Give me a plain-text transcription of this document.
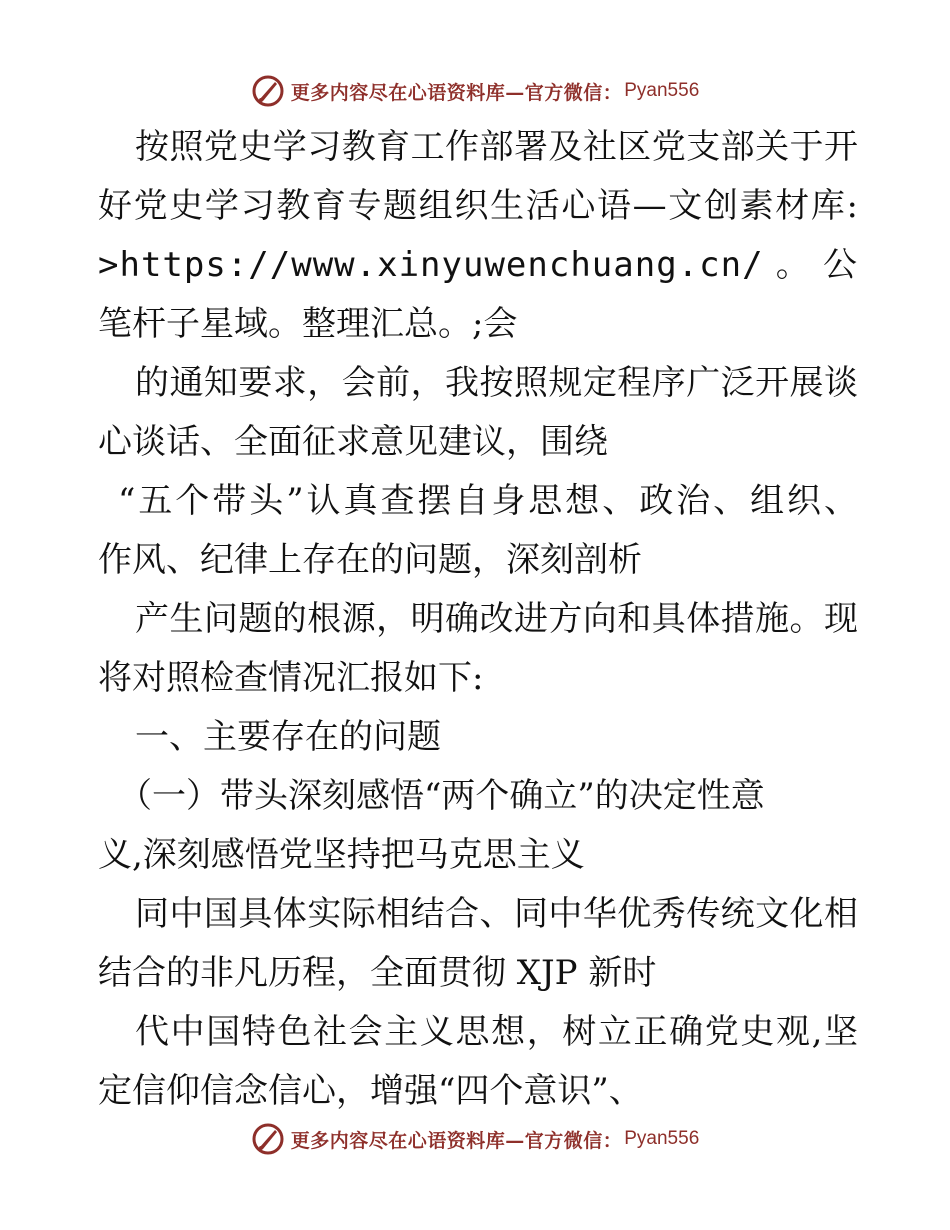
更多内容尽在心语资料库—官方微信： Pyan556
按照党史学习教育工作部署及社区党支部关于开
好党史学习教育专题组织生活心语—文创素材库:
>https://www.xinyuwenchuang.cn/。公
笔杆子星域。整理汇总。;会
的通知要求，会前，我按照规定程序广泛开展谈
心谈话、全面征求意见建议，围绕
“五个带头”认真查摆自身思想、政治、组织、
作风、纪律上存在的问题，深刻剖析
产生问题的根源，明确改进方向和具体措施。现
将对照检查情况汇报如下:
一、主要存在的问题
（一）带头深刻感悟“两个确立”的决定性意
义,深刻感悟党坚持把马克思主义
同中国具体实际相结合、同中华优秀传统文化相
结合的非凡历程，全面贯彻 XJP 新时
代中国特色社会主义思想，树立正确党史观,坚
定信仰信念信心，增强“四个意识”、
更多内容尽在心语资料库—官方微信： Pyan556
